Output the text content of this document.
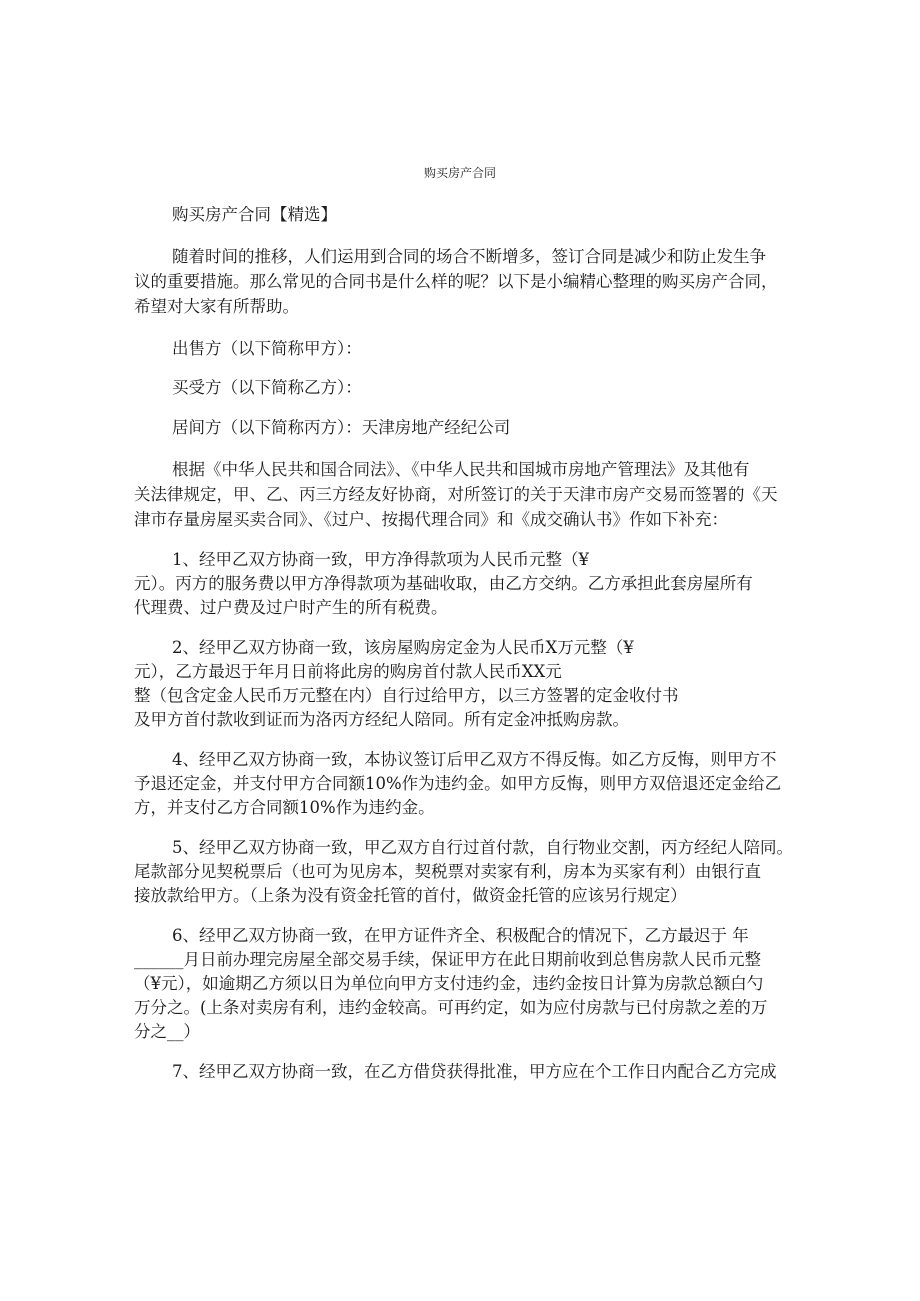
购买房产合同
购买房产合同【精选】
随着时间的推移，人们运用到合同的场合不断增多，签订合同是减少和防止发生争
议的重要措施。那么常见的合同书是什么样的呢？以下是小编精心整理的购买房产合同，
希望对大家有所帮助。
出售方（以下简称甲方）：
买受方（以下简称乙方）：
居间方（以下简称丙方）：天津房地产经纪公司
根据《中华人民共和国合同法》、《中华人民共和国城市房地产管理法》及其他有
关法律规定，甲、乙、丙三方经友好协商，对所签订的关于天津市房产交易而签署的《天
津市存量房屋买卖合同》、《过户、按揭代理合同》和《成交确认书》作如下补充：
1、经甲乙双方协商一致，甲方净得款项为人民币元整（¥
元）。丙方的服务费以甲方净得款项为基础收取，由乙方交纳。乙方承担此套房屋所有
代理费、过户费及过户时产生的所有税费。
2、经甲乙双方协商一致，该房屋购房定金为人民币X万元整（¥
元），乙方最迟于年月日前将此房的购房首付款人民币XX元
整（包含定金人民币万元整在内）自行过给甲方，以三方签署的定金收付书
及甲方首付款收到证而为洛丙方经纪人陪同。所有定金冲抵购房款。
4、经甲乙双方协商一致，本协议签订后甲乙双方不得反悔。如乙方反悔，则甲方不
予退还定金，并支付甲方合同额10%作为违约金。如甲方反悔，则甲方双倍退还定金给乙
方，并支付乙方合同额10%作为违约金。
5、经甲乙双方协商一致，甲乙双方自行过首付款，自行物业交割，丙方经纪人陪同。
尾款部分见契税票后（也可为见房本，契税票对卖家有利，房本为买家有利）由银行直
接放款给甲方。（上条为没有资金托管的首付，做资金托管的应该另行规定）
6、经甲乙双方协商一致，在甲方证件齐全、积极配合的情况下，乙方最迟于 年
______月日前办理完房屋全部交易手续，保证甲方在此日期前收到总售房款人民币元整
（¥元），如逾期乙方须以日为单位向甲方支付违约金，违约金按日计算为房款总额白勺
万分之。(上条对卖房有利，违约金较高。可再约定，如为应付房款与已付房款之差的万
分之__）
7、经甲乙双方协商一致，在乙方借贷获得批准，甲方应在个工作日内配合乙方完成
